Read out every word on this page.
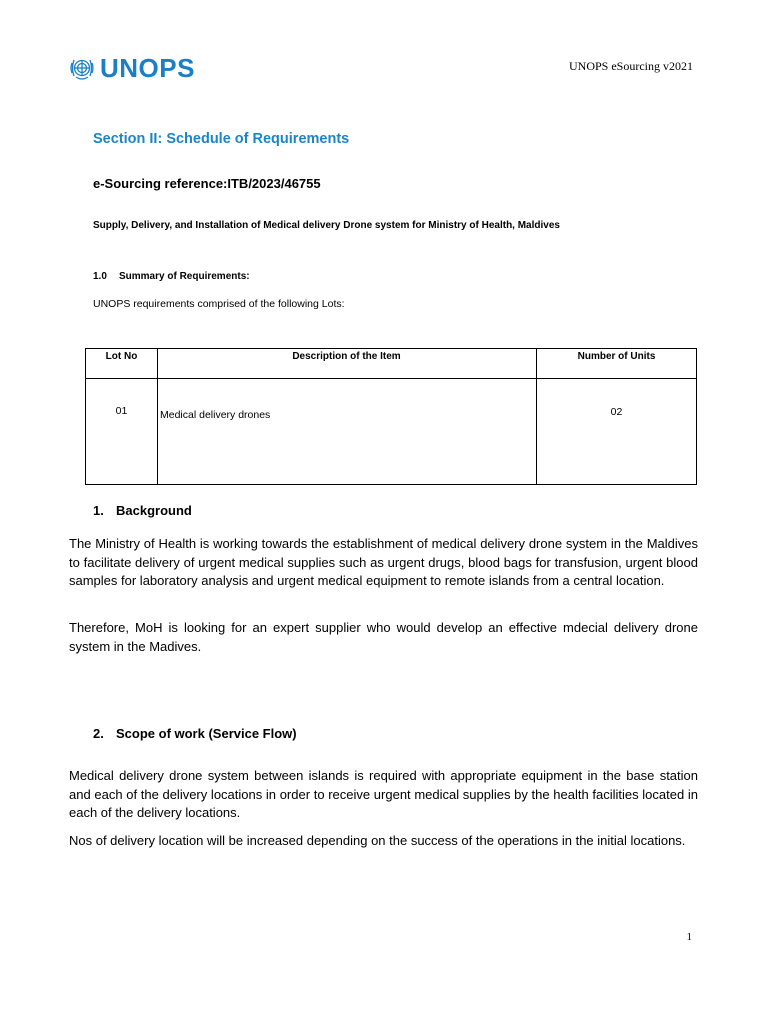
UNOPS	UNOPS eSourcing v2021
Section II: Schedule of Requirements
e-Sourcing reference:ITB/2023/46755
Supply, Delivery, and Installation of Medical delivery Drone system for Ministry of Health, Maldives
1.0 Summary of Requirements:
UNOPS requirements comprised of the following Lots:
Lot No	Description of the Item	Number of Units
01	Medical delivery drones	02
1. Background

The Ministry of Health is working towards the establishment of medical delivery drone system in the Maldives to facilitate delivery of urgent medical supplies such as urgent drugs, blood bags for transfusion, urgent blood samples for laboratory analysis and urgent medical equipment to remote islands from a central location.

Therefore, MoH is looking for an expert supplier who would develop an effective mdecial delivery drone system in the Madives.

2. Scope of work (Service Flow)

Medical delivery drone system between islands is required with appropriate equipment in the base station and each of the delivery locations in order to receive urgent medical supplies by the health facilities located in each of the delivery locations.

Nos of delivery location will be increased depending on the success of the operations in the initial locations.

1
